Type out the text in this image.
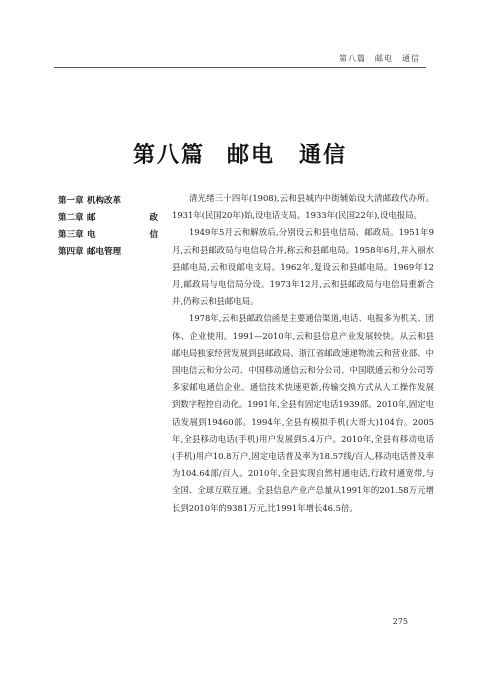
第八篇　邮电　通信
第八篇 邮电　通信
第一章 机构改革
第二章 邮	政
第三章 电	信
第四章 邮电管理

清光绪三十四年(1908),云和县城内中街辅始设大清邮政代办所。1931年(民国20年)始,设电话支局。1933年(民国22年),设电报局。

1949年5月云和解放后,分别设云和县电信局、邮政局。1951年9月,云和县邮政局与电信局合并,称云和县邮电局。1958年6月,并入丽水县邮电局,云和设邮电支局。1962年,复设云和县邮电局。1969年12月,邮政局与电信局分设。1973年12月,云和县邮政局与电信局重新合并,仍称云和县邮电局。

1978年,云和县邮政信函是主要通信渠道,电话、电报多为机关、团体、企业使用。1991—2010年,云和县信息产业发展较快。从云和县邮电局独家经营发展到县邮政局、浙江省邮政速递物流云和营业部、中国电信云和分公司、中国移动通信云和分公司、中国联通云和分公司等多家邮电通信企业。通信技术快速更新,传输交换方式从人工操作发展到数字程控自动化。1991年,全县有固定电话1939部。2010年,固定电话发展到19460部。1994年,全县有模拟手机(大哥大)104台。2005年,全县移动电话(手机)用户发展到5.4万户。2010年,全县有移动电话(手机)用户10.8万户,固定电话普及率为18.57线/百人,移动电话普及率为104.64部/百人。2010年,全县实现自然村通电话,行政村通宽带,与全国、全球互联互通。全县信息产业产总量从1991年的201.58万元增长到2010年的9381万元,比1991年增长46.5倍。

275
